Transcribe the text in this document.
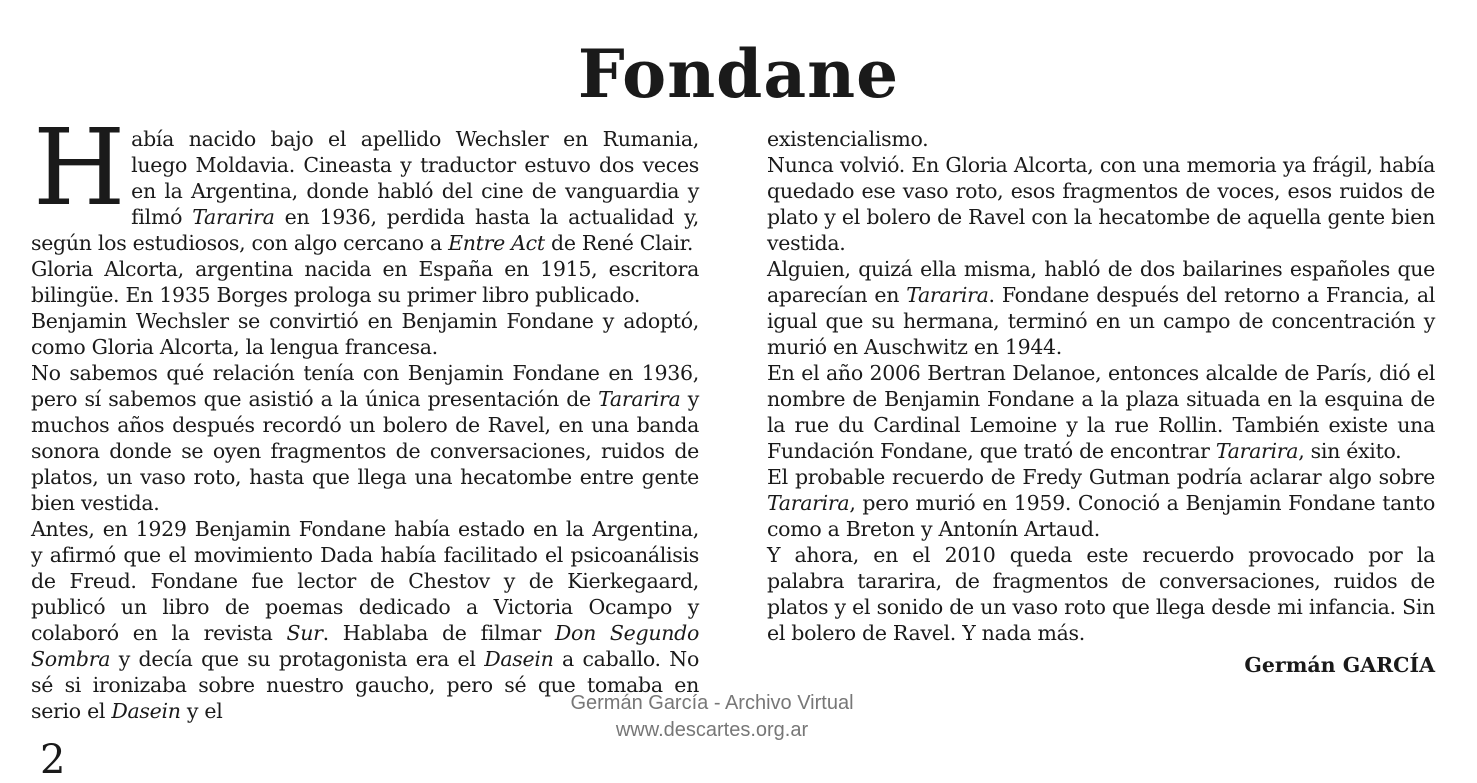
Fondane

Había nacido bajo el apellido Wechsler en Rumania, luego Moldavia. Cineasta y traductor estuvo dos veces en la Argentina, donde habló del cine de vanguardia y filmó Tararira en 1936, perdida hasta la actualidad y, según los estudiosos, con algo cercano a Entre Act de René Clair.

Gloria Alcorta, argentina nacida en España en 1915, escritora bilingüe. En 1935 Borges prologa su primer libro publicado.

Benjamin Wechsler se convirtió en Benjamin Fondane y adoptó, como Gloria Alcorta, la lengua francesa.

No sabemos qué relación tenía con Benjamin Fondane en 1936, pero sí sabemos que asistió a la única presentación de Tararira y muchos años después recordó un bolero de Ravel, en una banda sonora donde se oyen fragmentos de conversaciones, ruidos de platos, un vaso roto, hasta que llega una hecatombe entre gente bien vestida.

Antes, en 1929 Benjamin Fondane había estado en la Argentina, y afirmó que el movimiento Dada había facilitado el psicoanálisis de Freud. Fondane fue lector de Chestov y de Kierkegaard, publicó un libro de poemas dedicado a Victoria Ocampo y colaboró en la revista Sur. Hablaba de filmar Don Segundo Sombra y decía que su protagonista era el Dasein a caballo. No sé si ironizaba sobre nuestro gaucho, pero sé que tomaba en serio el Dasein y el

existencialismo.

Nunca volvió. En Gloria Alcorta, con una memoria ya frágil, había quedado ese vaso roto, esos fragmentos de voces, esos ruidos de plato y el bolero de Ravel con la hecatombe de aquella gente bien vestida.

Alguien, quizá ella misma, habló de dos bailarines españoles que aparecían en Tararira. Fondane después del retorno a Francia, al igual que su hermana, terminó en un campo de concentración y murió en Auschwitz en 1944.

En el año 2006 Bertran Delanoe, entonces alcalde de París, dió el nombre de Benjamin Fondane a la plaza situada en la esquina de la rue du Cardinal Lemoine y la rue Rollin. También existe una Fundación Fondane, que trató de encontrar Tararira, sin éxito.

El probable recuerdo de Fredy Gutman podría aclarar algo sobre Tararira, pero murió en 1959. Conoció a Benjamin Fondane tanto como a Breton y Antonín Artaud.

Y ahora, en el 2010 queda este recuerdo provocado por la palabra tararira, de fragmentos de conversaciones, ruidos de platos y el sonido de un vaso roto que llega desde mi infancia. Sin el bolero de Ravel. Y nada más.

Germán GARCÍA

Germán García - Archivo Virtual
www.descartes.org.ar
2
